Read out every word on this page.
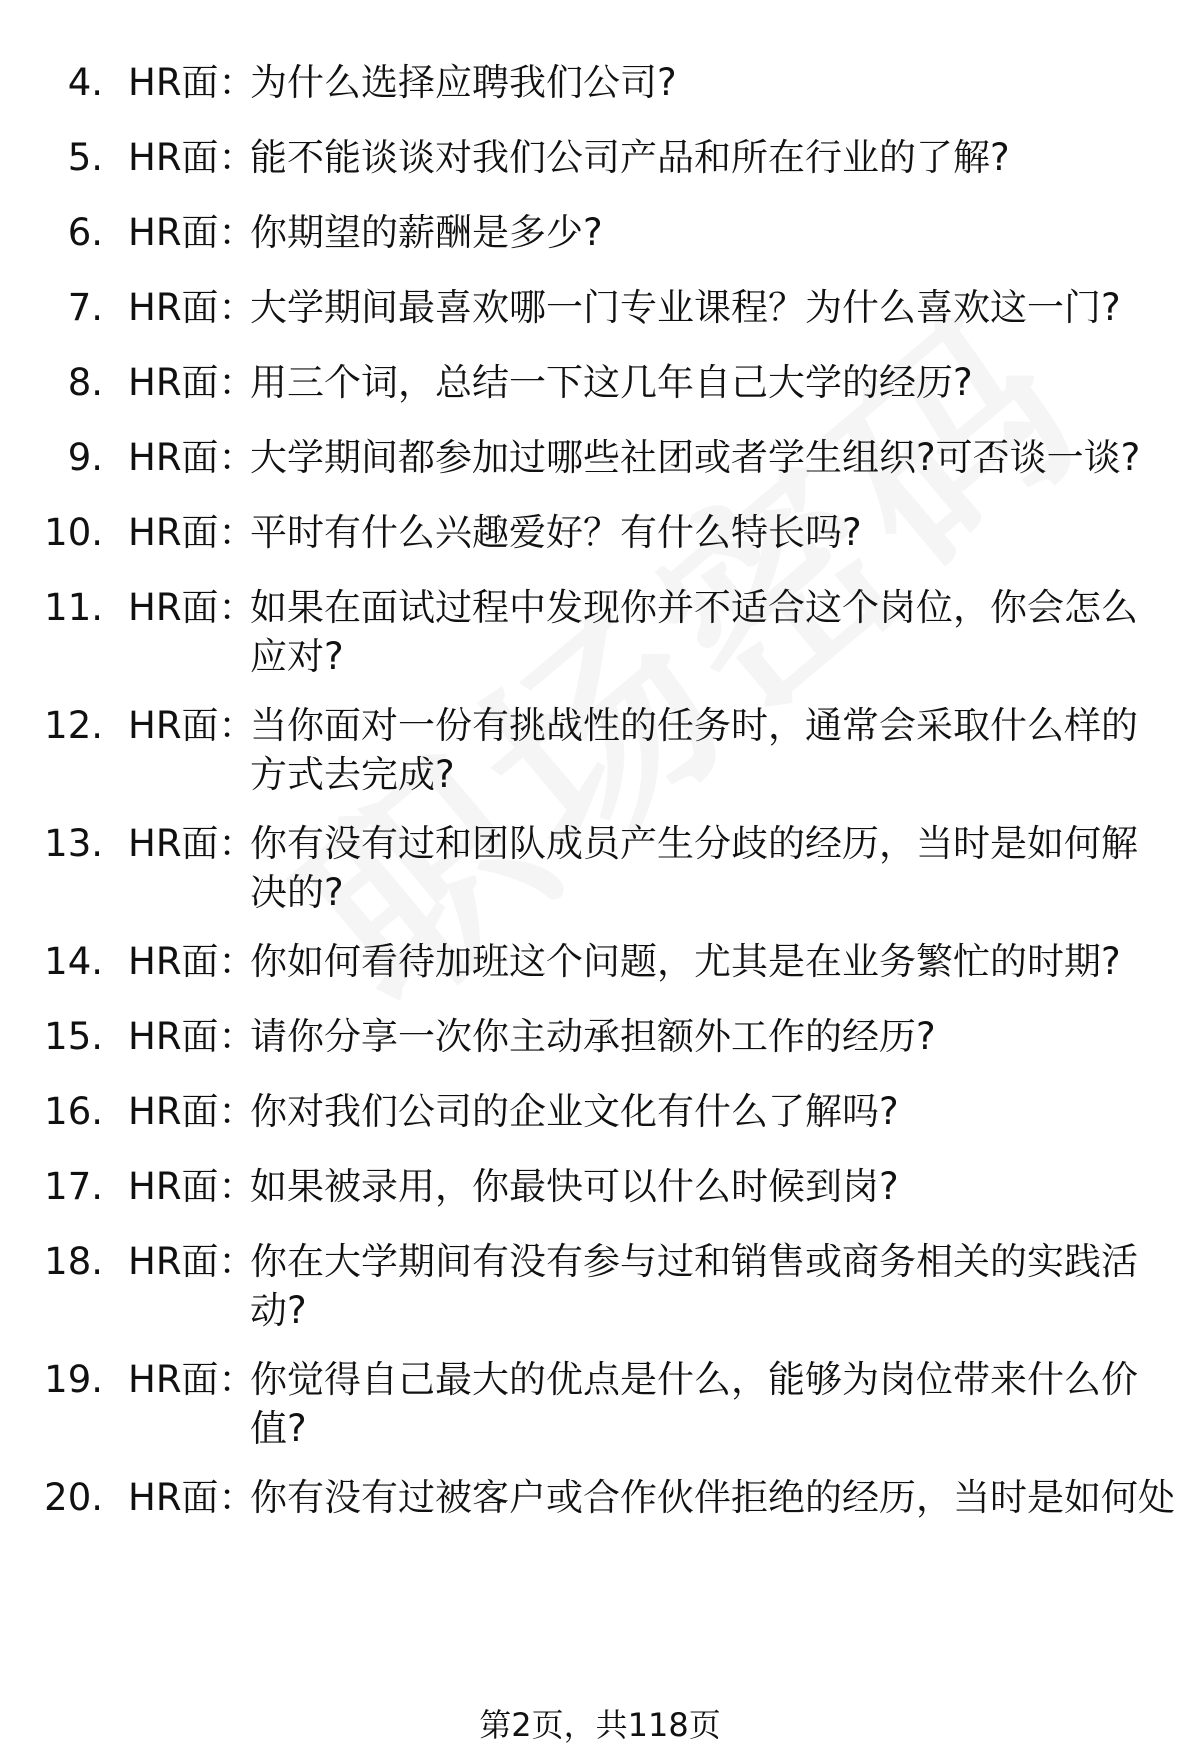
4. HR面：
为什么选择应聘我们公司?
5. HR面：
能不能谈谈对我们公司产品和所在行业的了解?
6. HR面：
你期望的薪酬是多少?
7. HR面：
大学期间最喜欢哪一门专业课程？为什么喜欢这一门?
8. HR面：
用三个词，总结一下这几年自己大学的经历?
9. HR面：
大学期间都参加过哪些社团或者学生组织?可否谈一谈?
10. HR面：
平时有什么兴趣爱好？有什么特长吗?
11. HR面：
如果在面试过程中发现你并不适合这个岗位，你会怎么应对?
12. HR面：
当你面对一份有挑战性的任务时，通常会采取什么样的方式去完成?
13. HR面：
你有没有过和团队成员产生分歧的经历，当时是如何解决的?
14. HR面：
你如何看待加班这个问题，尤其是在业务繁忙的时期?
15. HR面：
请你分享一次你主动承担额外工作的经历?
16. HR面：
你对我们公司的企业文化有什么了解吗?
17. HR面：
如果被录用，你最快可以什么时候到岗?
18. HR面：
你在大学期间有没有参与过和销售或商务相关的实践活动?
19. HR面：
你觉得自己最大的优点是什么，能够为岗位带来什么价值?
20. HR面：
你有没有过被客户或合作伙伴拒绝的经历，当时是如何处
第2页，共118页
